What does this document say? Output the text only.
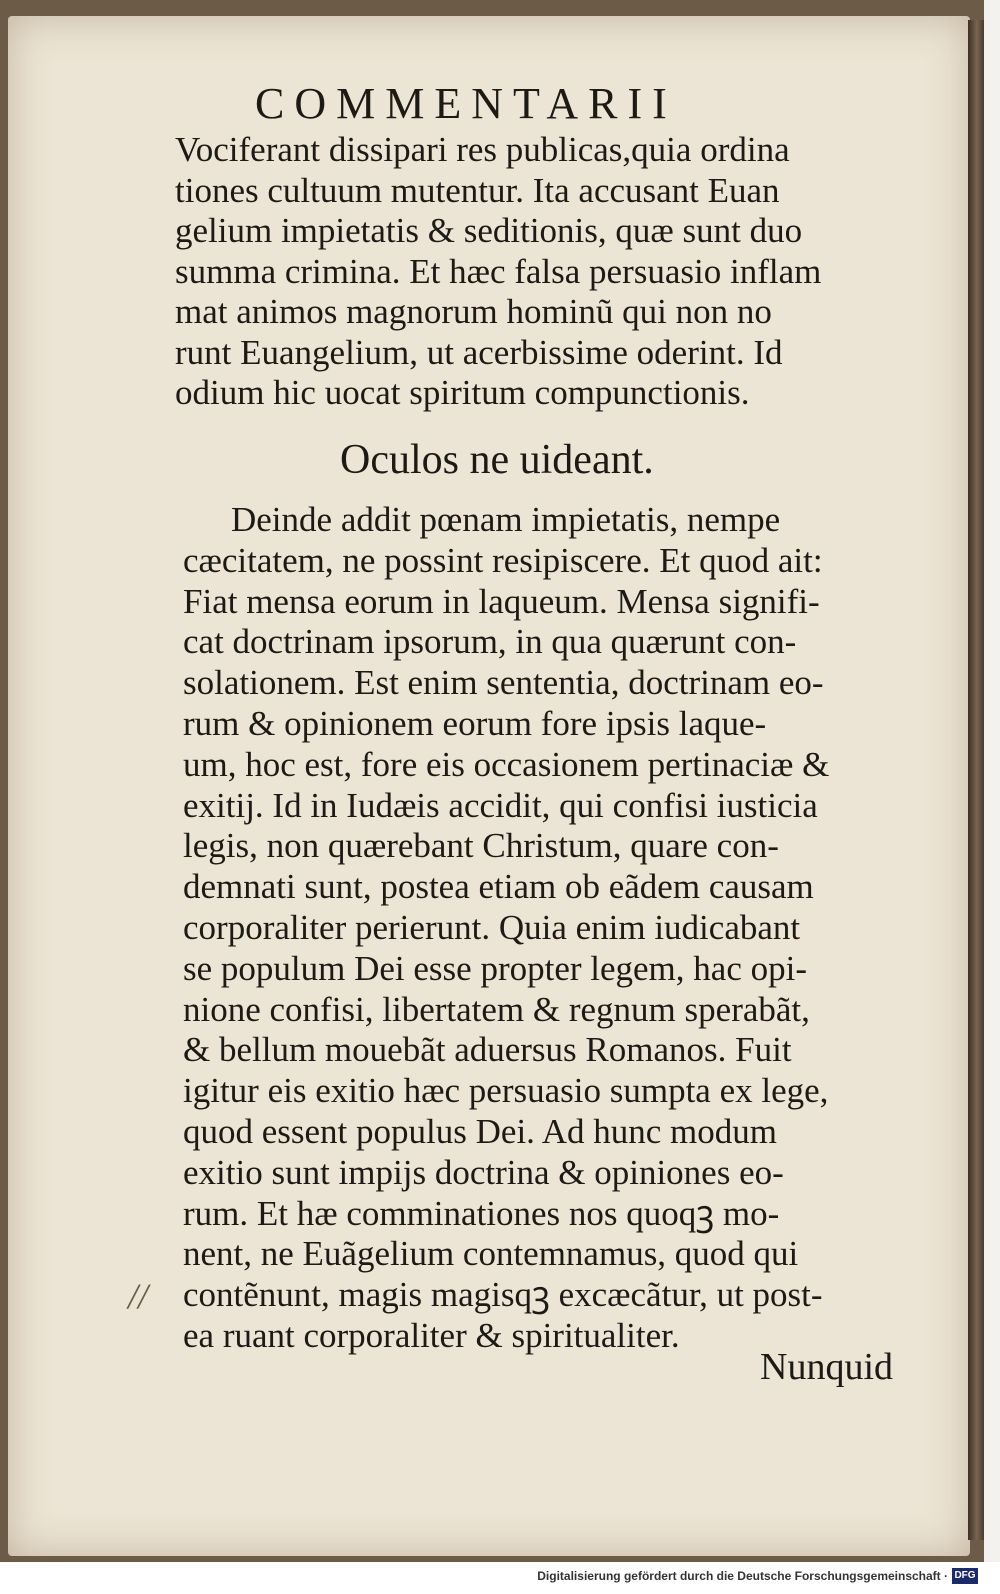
COMMENTARII
Vociferant dissipari res publicas,quia ordina
tiones cultuum mutentur. Ita accusant Euan
gelium impietatis & seditionis, quæ sunt duo
summa crimina. Et hæc falsa persuasio inflam
mat animos magnorum hominũ qui non no
runt Euangelium, ut acerbissime oderint. Id
odium hic uocat spiritum compunctionis.
Oculos ne uideant.
Deinde addit pœnam impietatis, nempe
cæcitatem, ne possint resipiscere. Et quod ait:
Fiat mensa eorum in laqueum. Mensa signifi-
cat doctrinam ipsorum, in qua quærunt con-
solationem. Est enim sententia, doctrinam eo-
rum & opinionem eorum fore ipsis laque-
um, hoc est, fore eis occasionem pertinaciæ &
exitij. Id in Iudæis accidit, qui confisi iusticia
legis, non quærebant Christum, quare con-
demnati sunt, postea etiam ob eãdem causam
corporaliter perierunt. Quia enim iudicabant
se populum Dei esse propter legem, hac opi-
nione confisi, libertatem & regnum sperabãt,
& bellum mouebãt aduersus Romanos. Fuit
igitur eis exitio hæc persuasio sumpta ex lege,
quod essent populus Dei. Ad hunc modum
exitio sunt impijs doctrina & opiniones eo-
rum. Et hæ comminationes nos quoqꝫ mo-
nent, ne Euãgelium contemnamus, quod qui
contẽnunt, magis magisqꝫ excæcãtur, ut post-
ea ruant corporaliter & spiritualiter.
//
Nunquid
Digitalisierung gefördert durch die Deutsche Forschungsgemeinschaft · DFG
